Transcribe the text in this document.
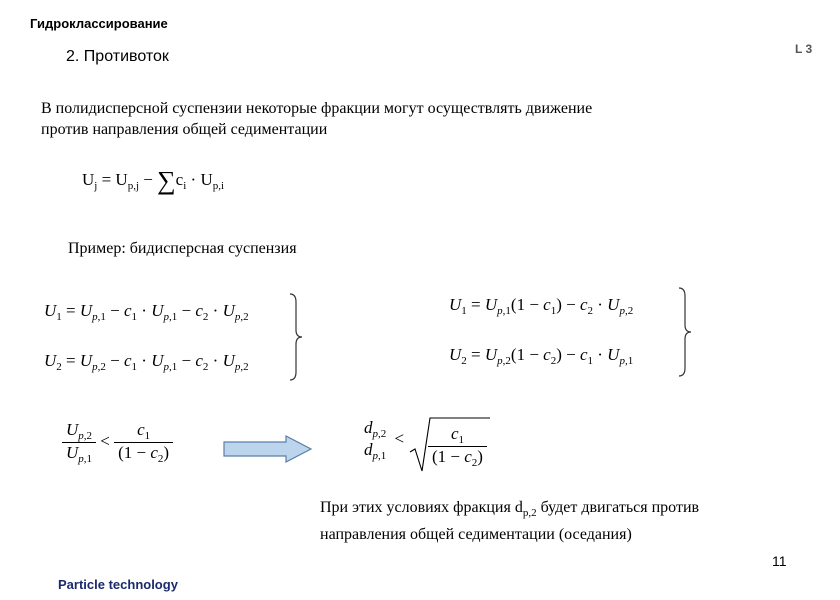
Гидроклассирование
2. Противоток	L 3
В полидисперсной суспензии некоторые фракции могут осуществлять движение
против направления общей седиментации
$U_j = U_{p,j} - \sum c_i \cdot U_{p,i}$
Пример: бидисперсная суспензия
$U_1 = U_{p,1} - c_1 \cdot U_{p,1} - c_2 \cdot U_{p,2}$
$U_2 = U_{p,2} - c_1 \cdot U_{p,1} - c_2 \cdot U_{p,2}$
$U_1 = U_{p,1}(1 - c_1) - c_2 \cdot U_{p,2}$
$U_2 = U_{p,2}(1 - c_2) - c_1 \cdot U_{p,1}$
$\frac{U_{p,2}}{U_{p,1}} < \frac{c_1}{(1 - c_2)}$	$d_{p,2}$
$d_{p,1}$
< $\frac{c_1}{(1 - c_2)}$
При этих условиях фракция $d_{p,2}$ будет двигаться против
направления общей седиментации (оседания)
11
Particle technology
